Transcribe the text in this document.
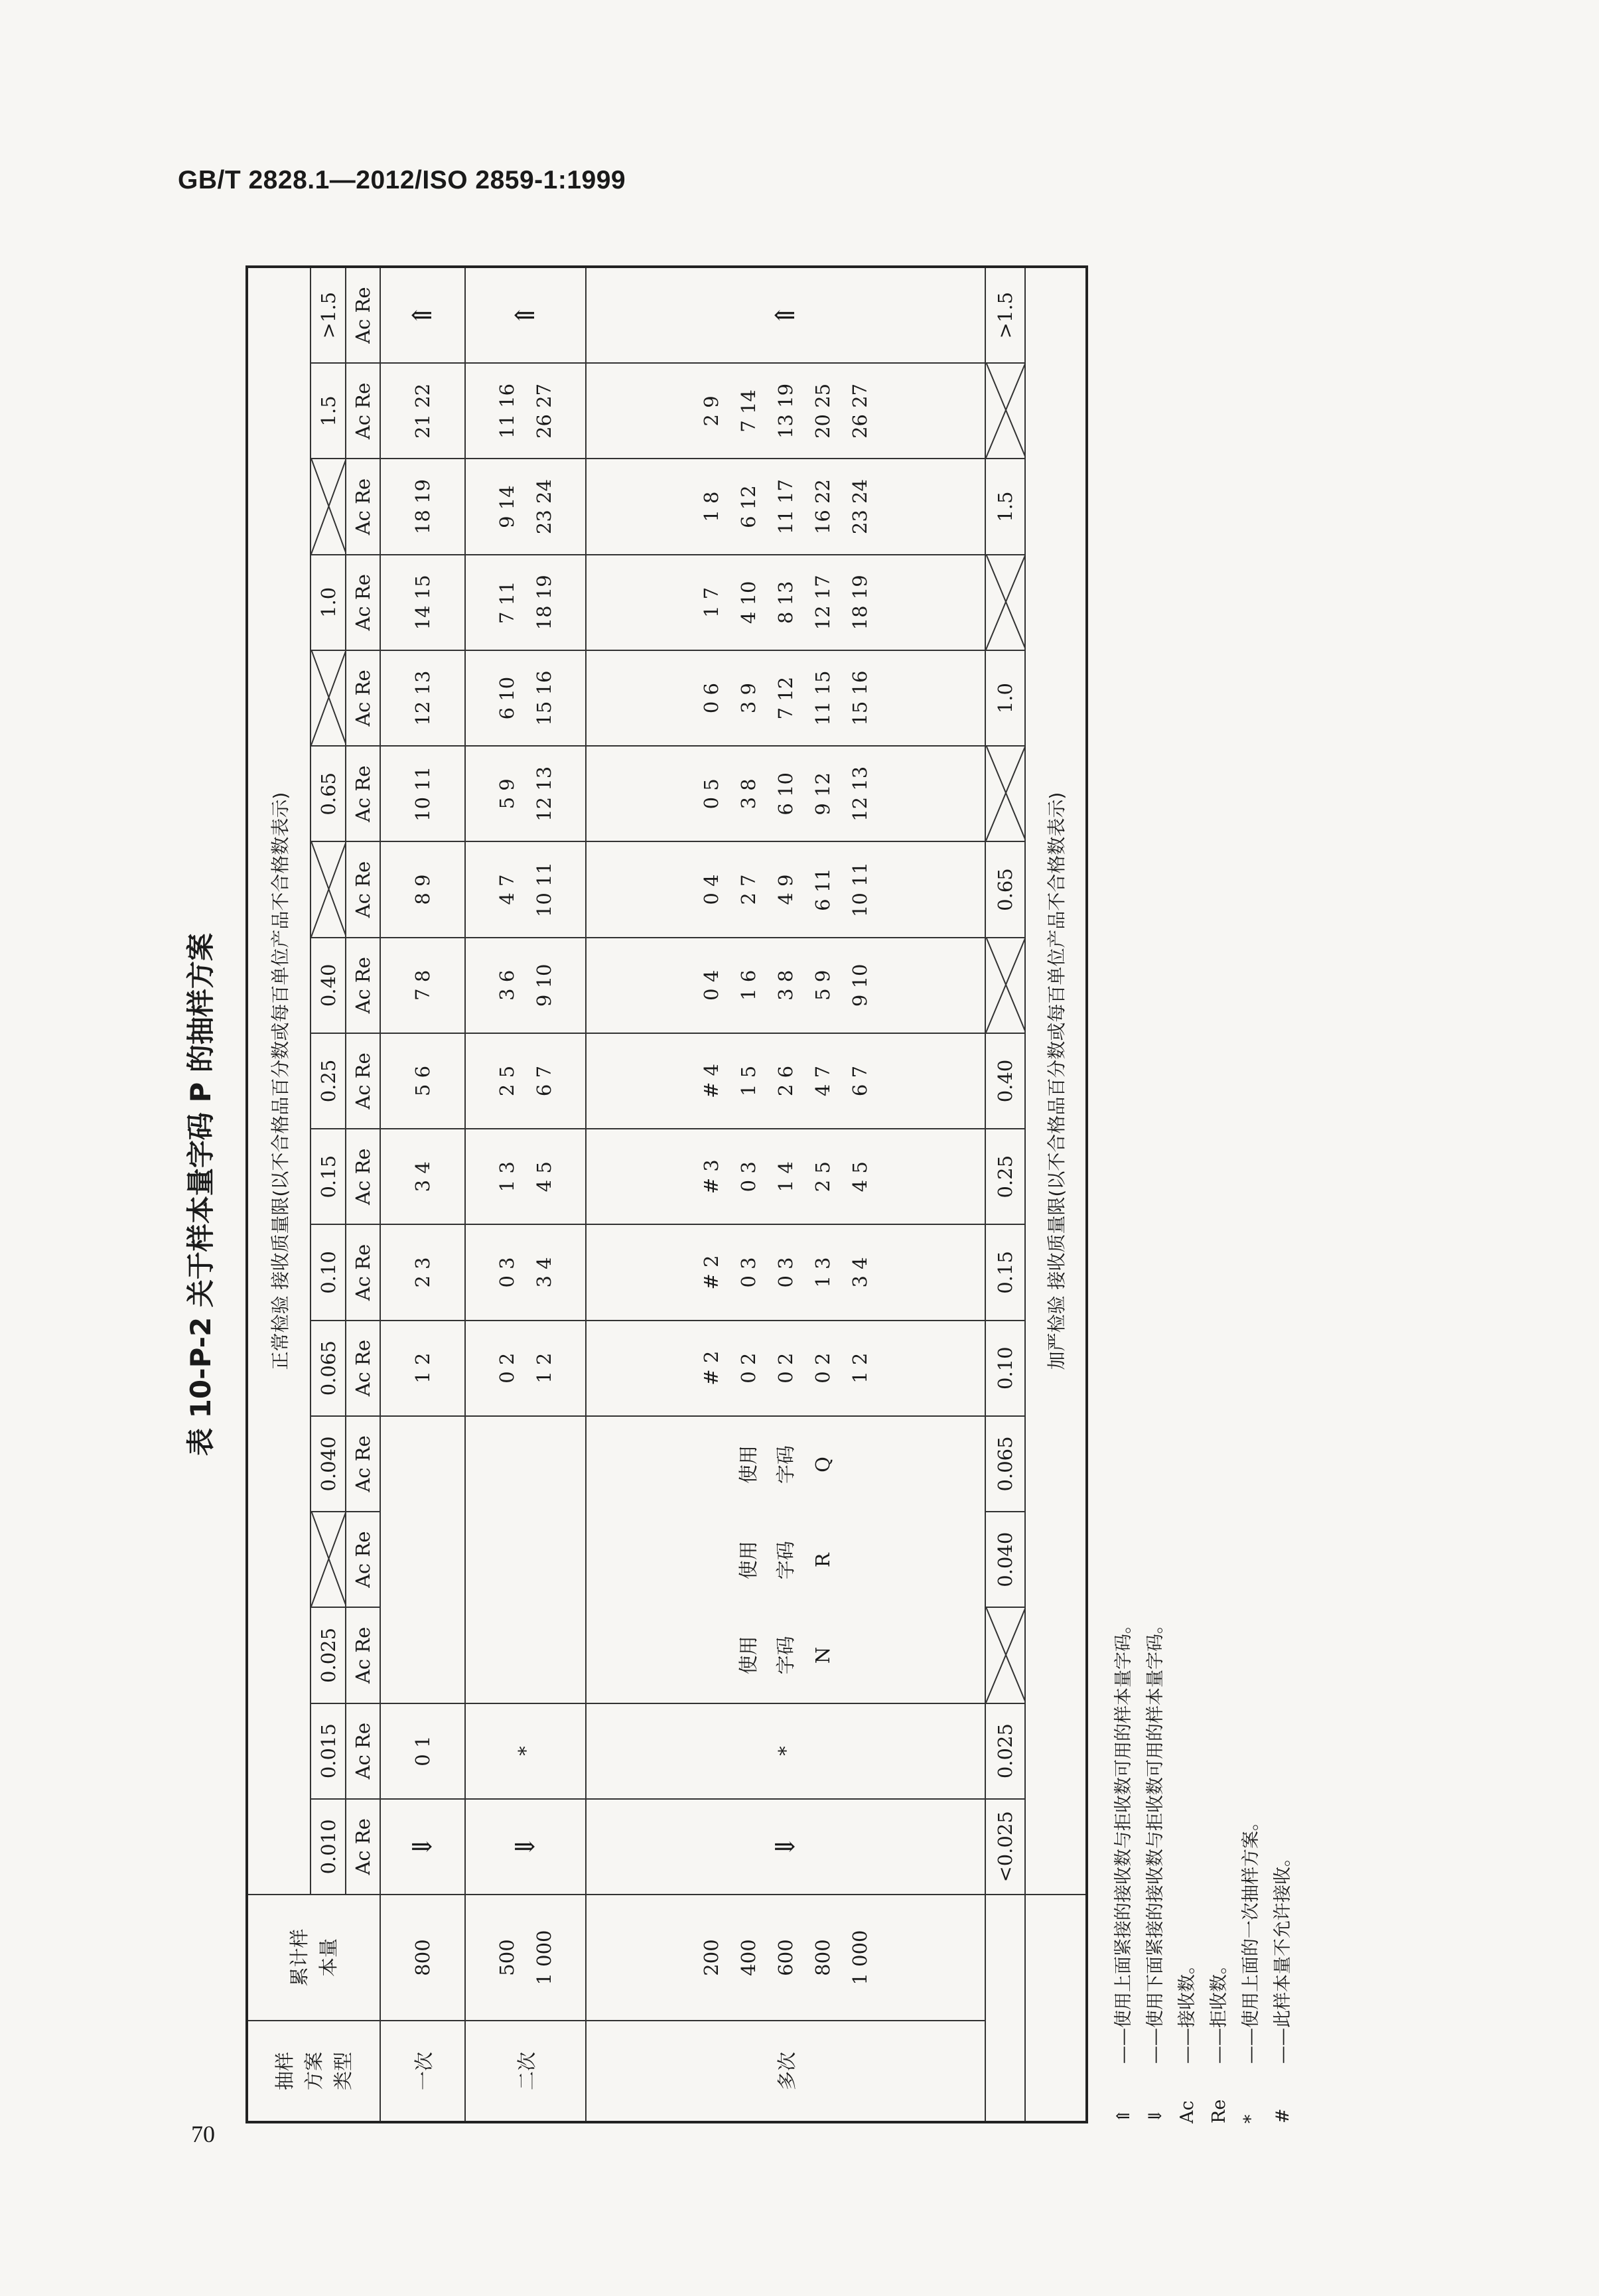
GB/T 2828.1—2012/ISO 2859-1:1999
70
表 10-P-2 关于样本量字码 P 的抽样方案
抽样方案类型
累计样本量
正常检验 接收质量限(以不合格品百分数或每百单位产品不合格数表示)
0.010 Ac Re
0.015 Ac Re
0.025 Ac Re
Ac Re
0.040 Ac Re
0.065 Ac Re
0.10 Ac Re
0.15 Ac Re
0.25 Ac Re
0.40 Ac Re
Ac Re
0.65 Ac Re
Ac Re
1.0 Ac Re
Ac Re
1.5 Ac Re
>1.5 Ac Re
一次
800
⇓
0 1
1 2
2 3
3 4
5 6
7 8
8 9
10 11
12 13
14 15
18 19
21 22
⇑
二次
500
1 000
⇓
*
0 2
1 2
0 3
3 4
1 3
4 5
2 5
6 7
3 6
9 10
4 7
10 11
5 9
12 13
6 10
15 16
7 11
18 19
9 14
23 24
11 16
26 27
⇑
多次
200
400
600
800
1 000
⇓
*
使用
字码
N
使用
字码
R
使用
字码
Q
# 2
0 2
0 2
0 2
1 2
# 2
0 3
0 3
1 3
3 4
# 3
0 3
1 4
2 5
4 5
# 4
1 5
2 6
4 7
6 7
0 4
1 6
3 8
5 9
9 10
0 4
2 7
4 9
6 11
10 11
0 5
3 8
6 10
9 12
12 13
0 6
3 9
7 12
11 15
15 16
1 7
4 10
8 13
12 17
18 19
1 8
6 12
11 17
16 22
23 24
2 9
7 14
13 19
20 25
26 27
⇑
<0.025
0.025
0.040
0.065
0.10
0.15
0.25
0.40
0.65
1.0
1.5
>1.5
加严检验 接收质量限(以不合格品百分数或每百单位产品不合格数表示)
⇑
——使用上面紧接的接收数与拒收数可用的样本量字码。
⇓
——使用下面紧接的接收数与拒收数可用的样本量字码。
Ac
——接收数。
Re
——拒收数。
*
——使用上面的一次抽样方案。
#
——此样本量不允许接收。
